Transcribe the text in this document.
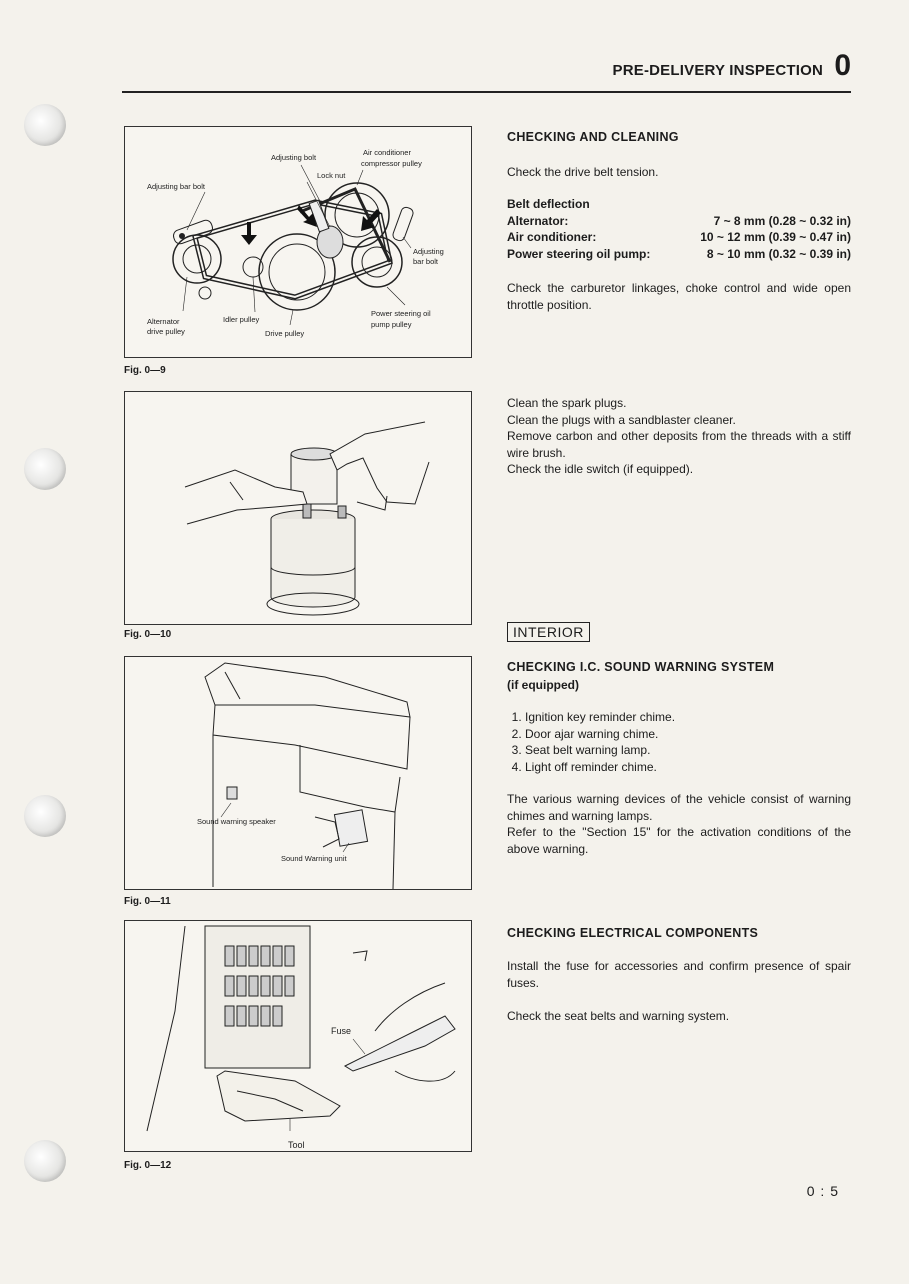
PRE-DELIVERY INSPECTION 0
Adjusting bolt
Air conditioner
compressor pulley
Lock nut
Adjusting bar bolt
Adjusting
bar bolt
Alternator
drive pulley
Idler pulley
Drive pulley
Power steering oil
pump pulley
Fig. 0—9
Fig. 0—10
Sound warning speaker
Sound Warning unit
Fig. 0—11
Fuse
Tool
Fig. 0—12
CHECKING AND CLEANING
Check the drive belt tension.
Belt deflection
Alternator:	7 ~ 8 mm (0.28 ~ 0.32 in)
Air conditioner:	10 ~ 12 mm (0.39 ~ 0.47 in)
Power steering oil pump:	8 ~ 10 mm (0.32 ~ 0.39 in)
Check the carburetor linkages, choke control and wide open throttle position.
Clean the spark plugs.
Clean the plugs with a sandblaster cleaner.
Remove carbon and other deposits from the threads with a stiff wire brush.
Check the idle switch (if equipped).
INTERIOR
CHECKING I.C. SOUND WARNING SYSTEM
(if equipped)
1. Ignition key reminder chime.
2. Door ajar warning chime.
3. Seat belt warning lamp.
4. Light off reminder chime.
The various warning devices of the vehicle consist of warning chimes and warning lamps.
Refer to the "Section 15" for the activation conditions of the above warning.
CHECKING ELECTRICAL COMPONENTS
Install the fuse for accessories and confirm presence of spair fuses.
Check the seat belts and warning system.
0 : 5
